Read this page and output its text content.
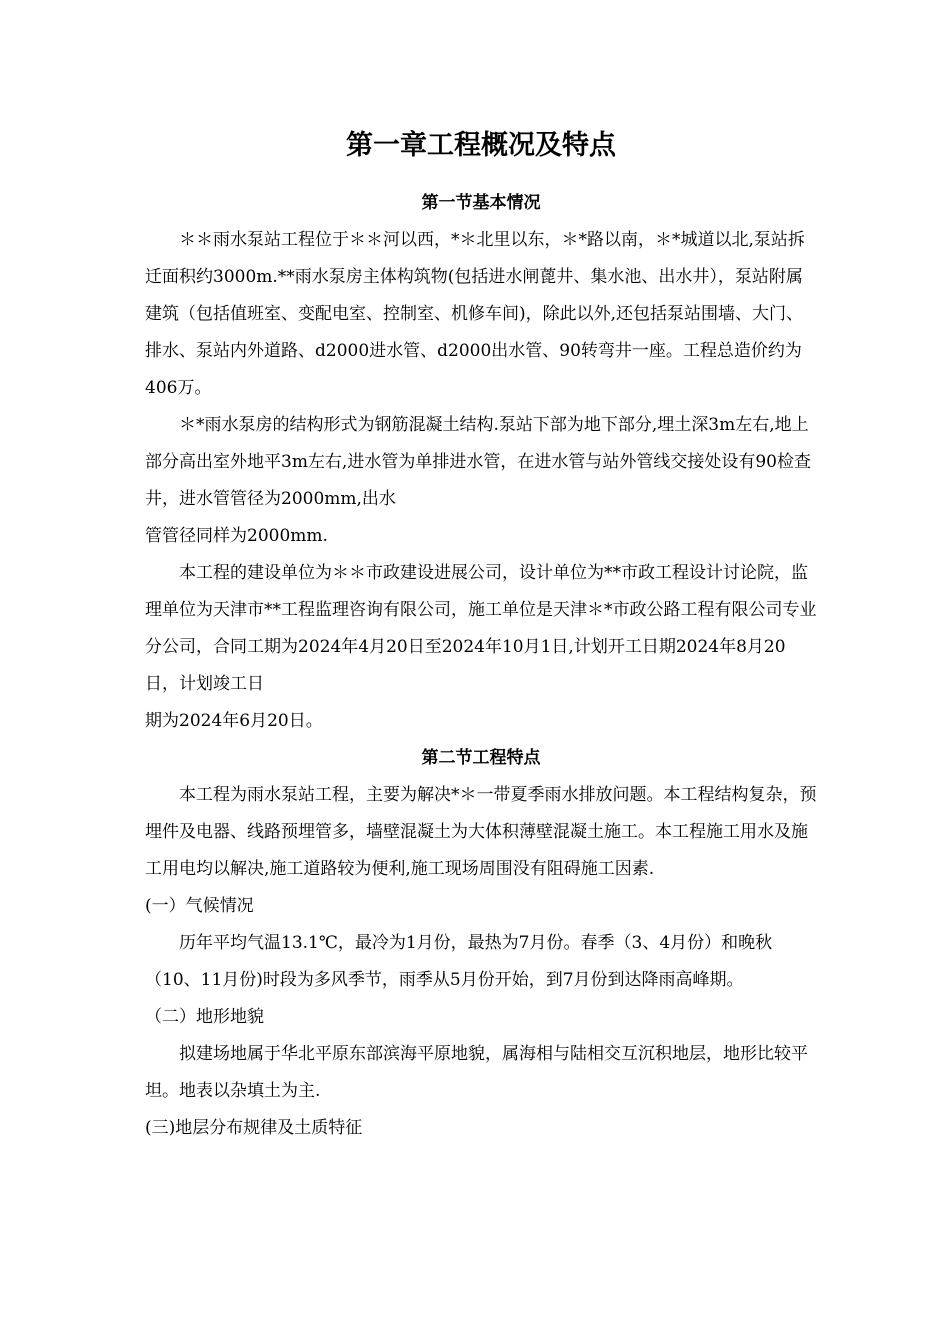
第一章工程概况及特点
第一节基本情况

＊＊雨水泵站工程位于＊＊河以西，*＊北里以东，＊*路以南，＊*城道以北,泵站拆迁面积约3000m.**雨水泵房主体构筑物(包括进水闸蓖井、集水池、出水井），泵站附属建筑（包括值班室、变配电室、控制室、机修车间)，除此以外,还包括泵站围墙、大门、排水、泵站内外道路、d2000进水管、d2000出水管、90转弯井一座。工程总造价约为406万。

＊*雨水泵房的结构形式为钢筋混凝土结构.泵站下部为地下部分,埋土深3m左右,地上部分高出室外地平3m左右,进水管为单排进水管，在进水管与站外管线交接处设有90检查井，进水管管径为2000mm,出水

管管径同样为2000mm.

本工程的建设单位为＊＊市政建设进展公司，设计单位为**市政工程设计讨论院，监理单位为天津市**工程监理咨询有限公司，施工单位是天津＊*市政公路工程有限公司专业分公司，合同工期为2024年4月20日至2024年10月1日,计划开工日期2024年8月20日，计划竣工日

期为2024年6月20日。

第二节工程特点

本工程为雨水泵站工程，主要为解决*＊一带夏季雨水排放问题。本工程结构复杂，预埋件及电器、线路预埋管多，墙壁混凝土为大体积薄壁混凝土施工。本工程施工用水及施工用电均以解决,施工道路较为便利,施工现场周围没有阻碍施工因素.

(一）气候情况

历年平均气温13.1℃，最冷为1月份，最热为7月份。春季（3、4月份）和晚秋（10、11月份)时段为多风季节，雨季从5月份开始，到7月份到达降雨高峰期。

（二）地形地貌

拟建场地属于华北平原东部滨海平原地貌，属海相与陆相交互沉积地层，地形比较平坦。地表以杂填土为主.

(三)地层分布规律及土质特征
